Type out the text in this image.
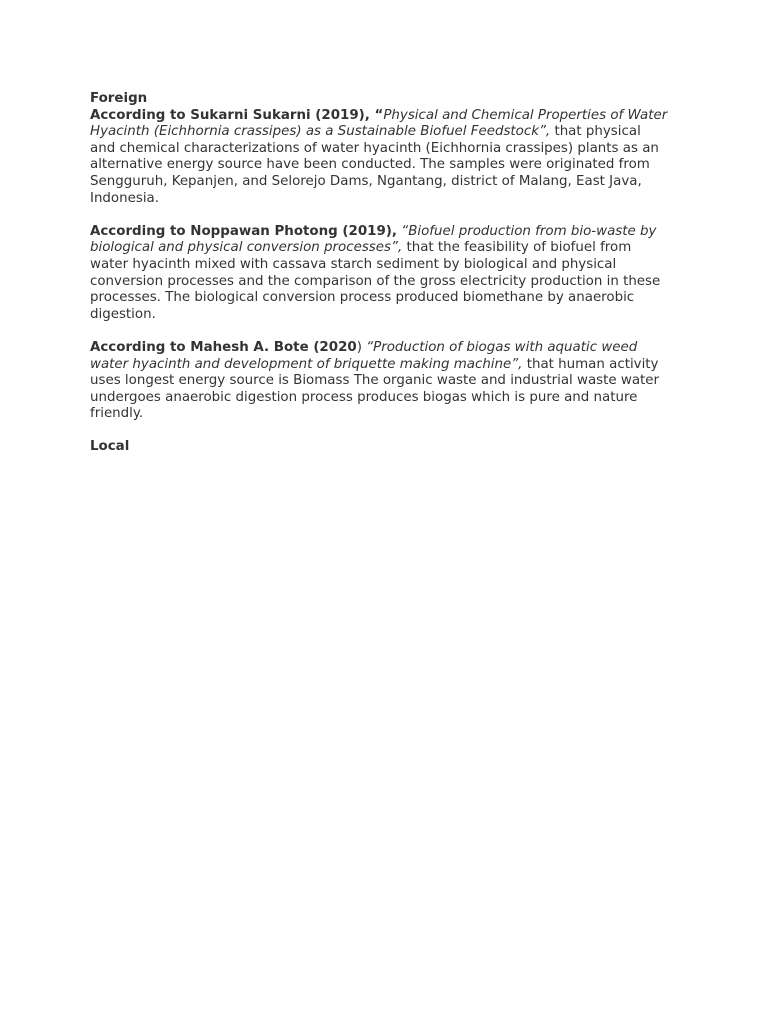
Foreign

According to Sukarni Sukarni (2019), “Physical and Chemical Properties of Water Hyacinth (Eichhornia crassipes) as a Sustainable Biofuel Feedstock”, that physical and chemical characterizations of water hyacinth (Eichhornia crassipes) plants as an alternative energy source have been conducted. The samples were originated from Sengguruh, Kepanjen, and Selorejo Dams, Ngantang, district of Malang, East Java, Indonesia.

According to Noppawan Photong (2019), “Biofuel production from bio-waste by biological and physical conversion processes”, that the feasibility of biofuel from water hyacinth mixed with cassava starch sediment by biological and physical conversion processes and the comparison of the gross electricity production in these processes. The biological conversion process produced biomethane by anaerobic digestion.

According to Mahesh A. Bote (2020) “Production of biogas with aquatic weed water hyacinth and development of briquette making machine”, that human activity uses longest energy source is Biomass The organic waste and industrial waste water undergoes anaerobic digestion process produces biogas which is pure and nature friendly.

Local
